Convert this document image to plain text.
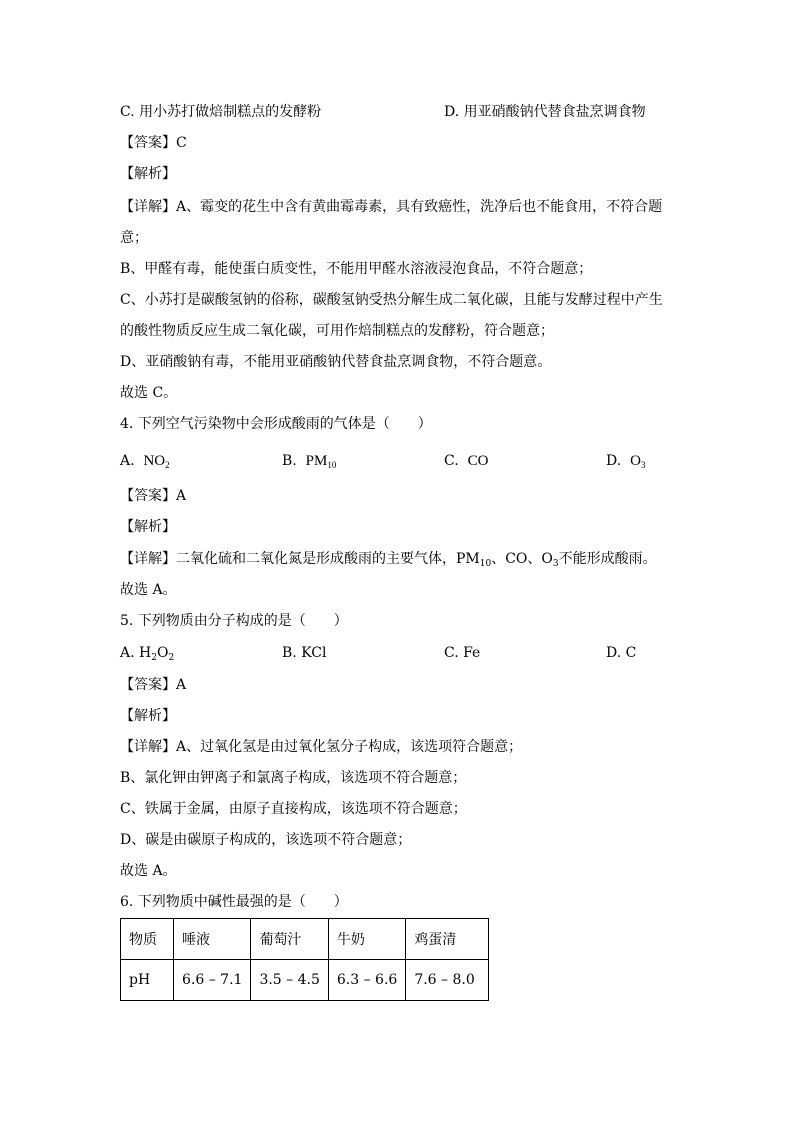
C. 用小苏打做焙制糕点的发酵粉	D. 用亚硝酸钠代替食盐烹调食物
【答案】C
【解析】
【详解】A、霉变的花生中含有黄曲霉毒素，具有致癌性，洗净后也不能食用，不符合题
意；
B、甲醛有毒，能使蛋白质变性，不能用甲醛水溶液浸泡食品，不符合题意；
C、小苏打是碳酸氢钠的俗称，碳酸氢钠受热分解生成二氧化碳，且能与发酵过程中产生
的酸性物质反应生成二氧化碳，可用作焙制糕点的发酵粉，符合题意；
D、亚硝酸钠有毒，不能用亚硝酸钠代替食盐烹调食物，不符合题意。
故选 C。
4. 下列空气污染物中会形成酸雨的气体是（　　）
A. $NO_2$	B. $PM_{10}$	C. CO	D. $O_3$
【答案】A
【解析】
【详解】二氧化硫和二氧化氮是形成酸雨的主要气体，$PM_{10}$、CO、$O_3$不能形成酸雨。
故选 A。
5. 下列物质由分子构成的是（　　）
A. $H_2O_2$	B. KCl	C. Fe	D. C
【答案】A
【解析】
【详解】A、过氧化氢是由过氧化氢分子构成，该选项符合题意；
B、氯化钾由钾离子和氯离子构成，该选项不符合题意；
C、铁属于金属，由原子直接构成，该选项不符合题意；
D、碳是由碳原子构成的，该选项不符合题意；
故选 A。
6. 下列物质中碱性最强的是（　　）
物质	唾液	葡萄汁	牛奶	鸡蛋清
pH	6.6 – 7.1	3.5 – 4.5	6.3 – 6.6	7.6 – 8.0
